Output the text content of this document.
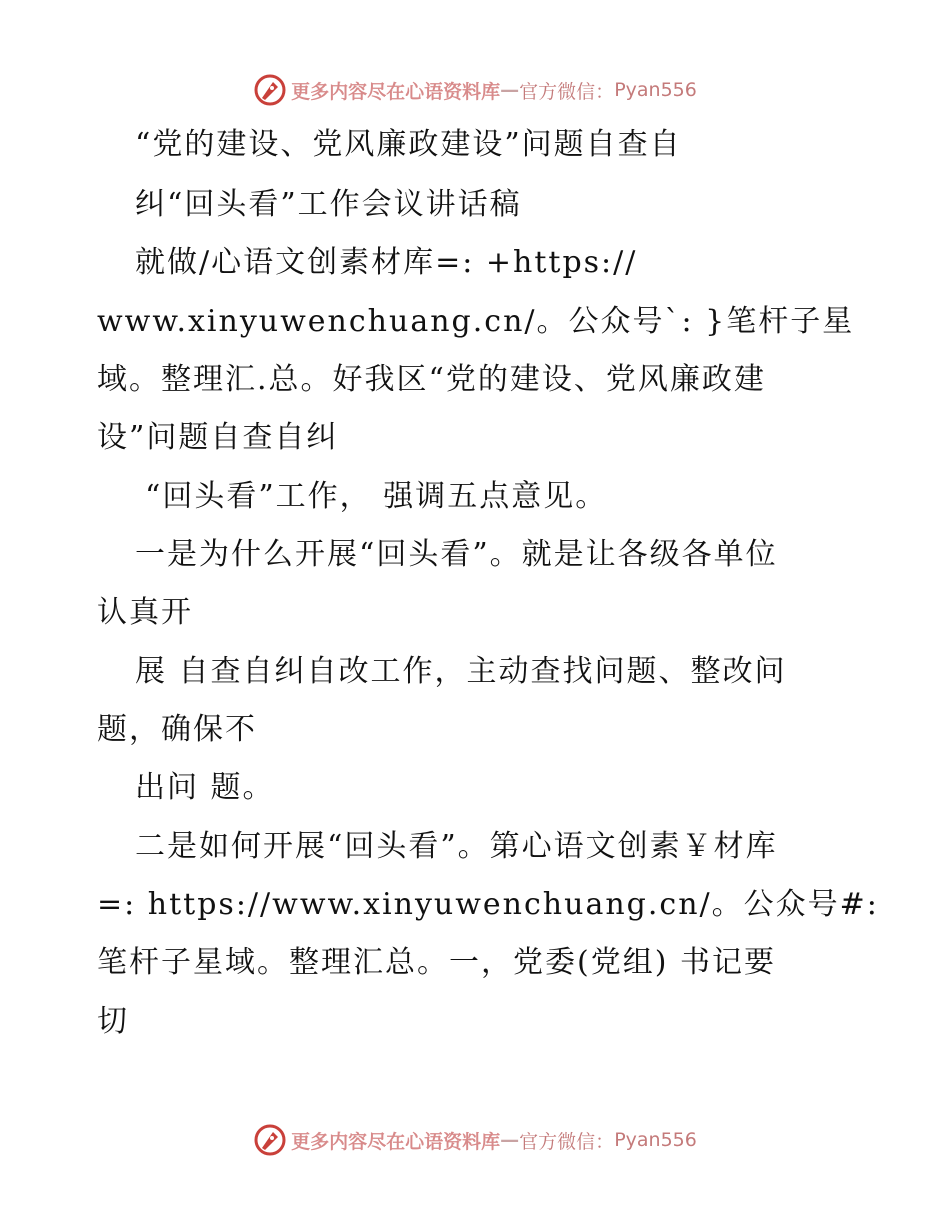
更多内容尽在心语资料库 — 官方微信： Pyan556
“党的建设、党风廉政建设”问题自查自
纠“回头看”工作会议讲话稿
就做/心语文创素材库=: +https://
www.xinyuwenchuang.cn/。公众号`: }笔杆子星
域。整理汇.总。好我区“党的建设、党风廉政建
设”问题自查自纠
“回头看”工作， 强调五点意见。
一是为什么开展“回头看”。就是让各级各单位
认真开
展 自查自纠自改工作，主动查找问题、整改问
题，确保不
出问 题。
二是如何开展“回头看”。第心语文创素￥材库
=: https://www.xinyuwenchuang.cn/。公众号#:
笔杆子星域。整理汇总。一，党委(党组) 书记要
切
更多内容尽在心语资料库 — 官方微信： Pyan556
